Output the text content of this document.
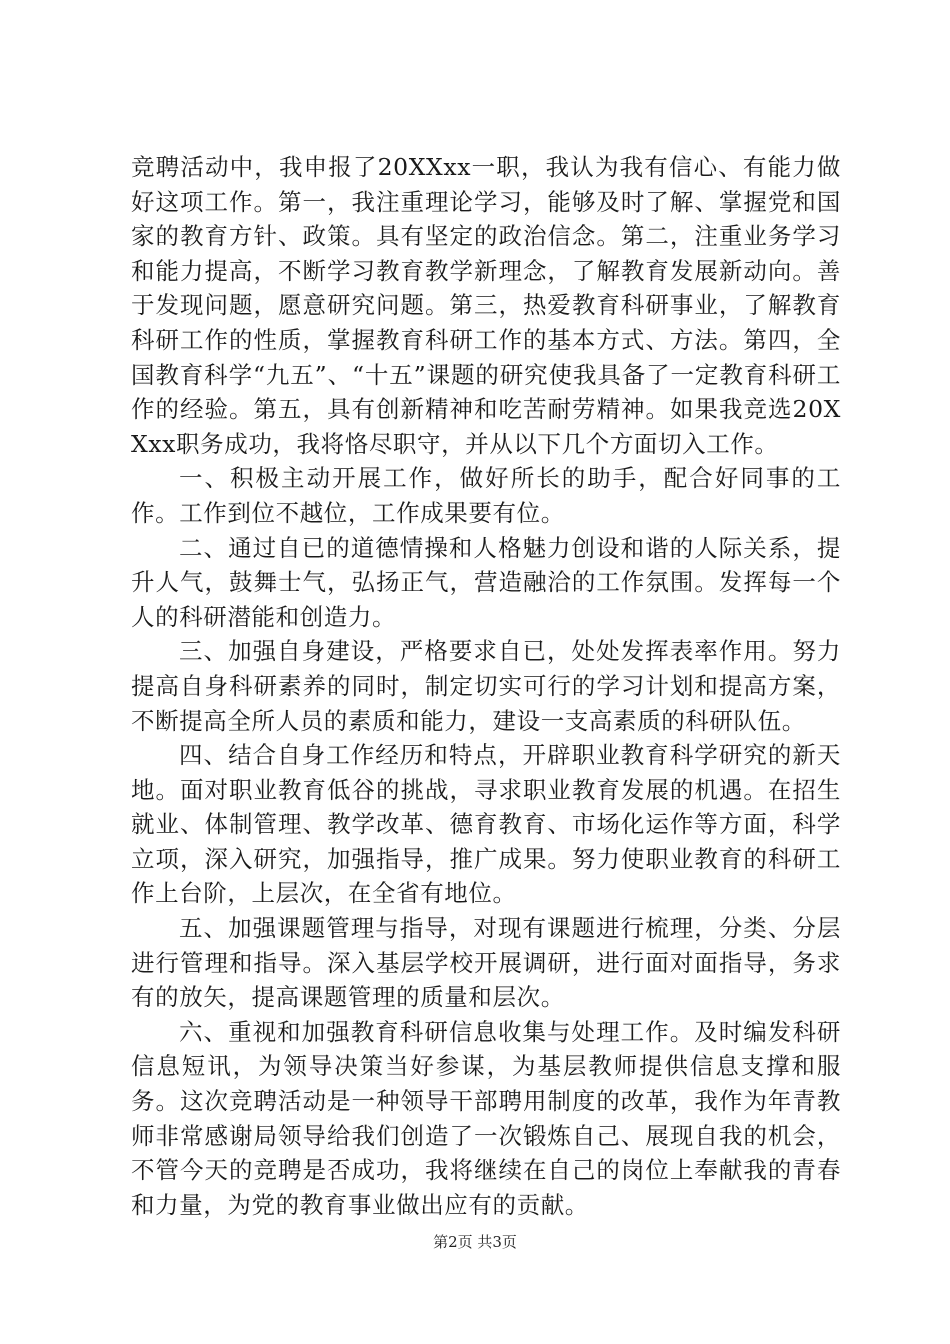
竞聘活动中，我申报了20XXxx一职，我认为我有信心、有能力做好这项工作。第一，我注重理论学习，能够及时了解、掌握党和国家的教育方针、政策。具有坚定的政治信念。第二，注重业务学习和能力提高，不断学习教育教学新理念，了解教育发展新动向。善于发现问题，愿意研究问题。第三，热爱教育科研事业，了解教育科研工作的性质，掌握教育科研工作的基本方式、方法。第四，全国教育科学“九五”、“十五”课题的研究使我具备了一定教育科研工作的经验。第五，具有创新精神和吃苦耐劳精神。如果我竞选20XXxx职务成功，我将恪尽职守，并从以下几个方面切入工作。

一、积极主动开展工作，做好所长的助手，配合好同事的工作。工作到位不越位，工作成果要有位。

二、通过自已的道德情操和人格魅力创设和谐的人际关系，提升人气，鼓舞士气，弘扬正气，营造融洽的工作氛围。发挥每一个人的科研潜能和创造力。

三、加强自身建设，严格要求自已，处处发挥表率作用。努力提高自身科研素养的同时，制定切实可行的学习计划和提高方案，不断提高全所人员的素质和能力，建设一支高素质的科研队伍。

四、结合自身工作经历和特点，开辟职业教育科学研究的新天地。面对职业教育低谷的挑战，寻求职业教育发展的机遇。在招生就业、体制管理、教学改革、德育教育、市场化运作等方面，科学立项，深入研究，加强指导，推广成果。努力使职业教育的科研工作上台阶，上层次，在全省有地位。

五、加强课题管理与指导，对现有课题进行梳理，分类、分层进行管理和指导。深入基层学校开展调研，进行面对面指导，务求有的放矢，提高课题管理的质量和层次。

六、重视和加强教育科研信息收集与处理工作。及时编发科研信息短讯，为领导决策当好参谋，为基层教师提供信息支撑和服务。这次竞聘活动是一种领导干部聘用制度的改革，我作为年青教师非常感谢局领导给我们创造了一次锻炼自己、展现自我的机会，不管今天的竞聘是否成功，我将继续在自己的岗位上奉献我的青春和力量，为党的教育事业做出应有的贡献。

第2页 共3页
